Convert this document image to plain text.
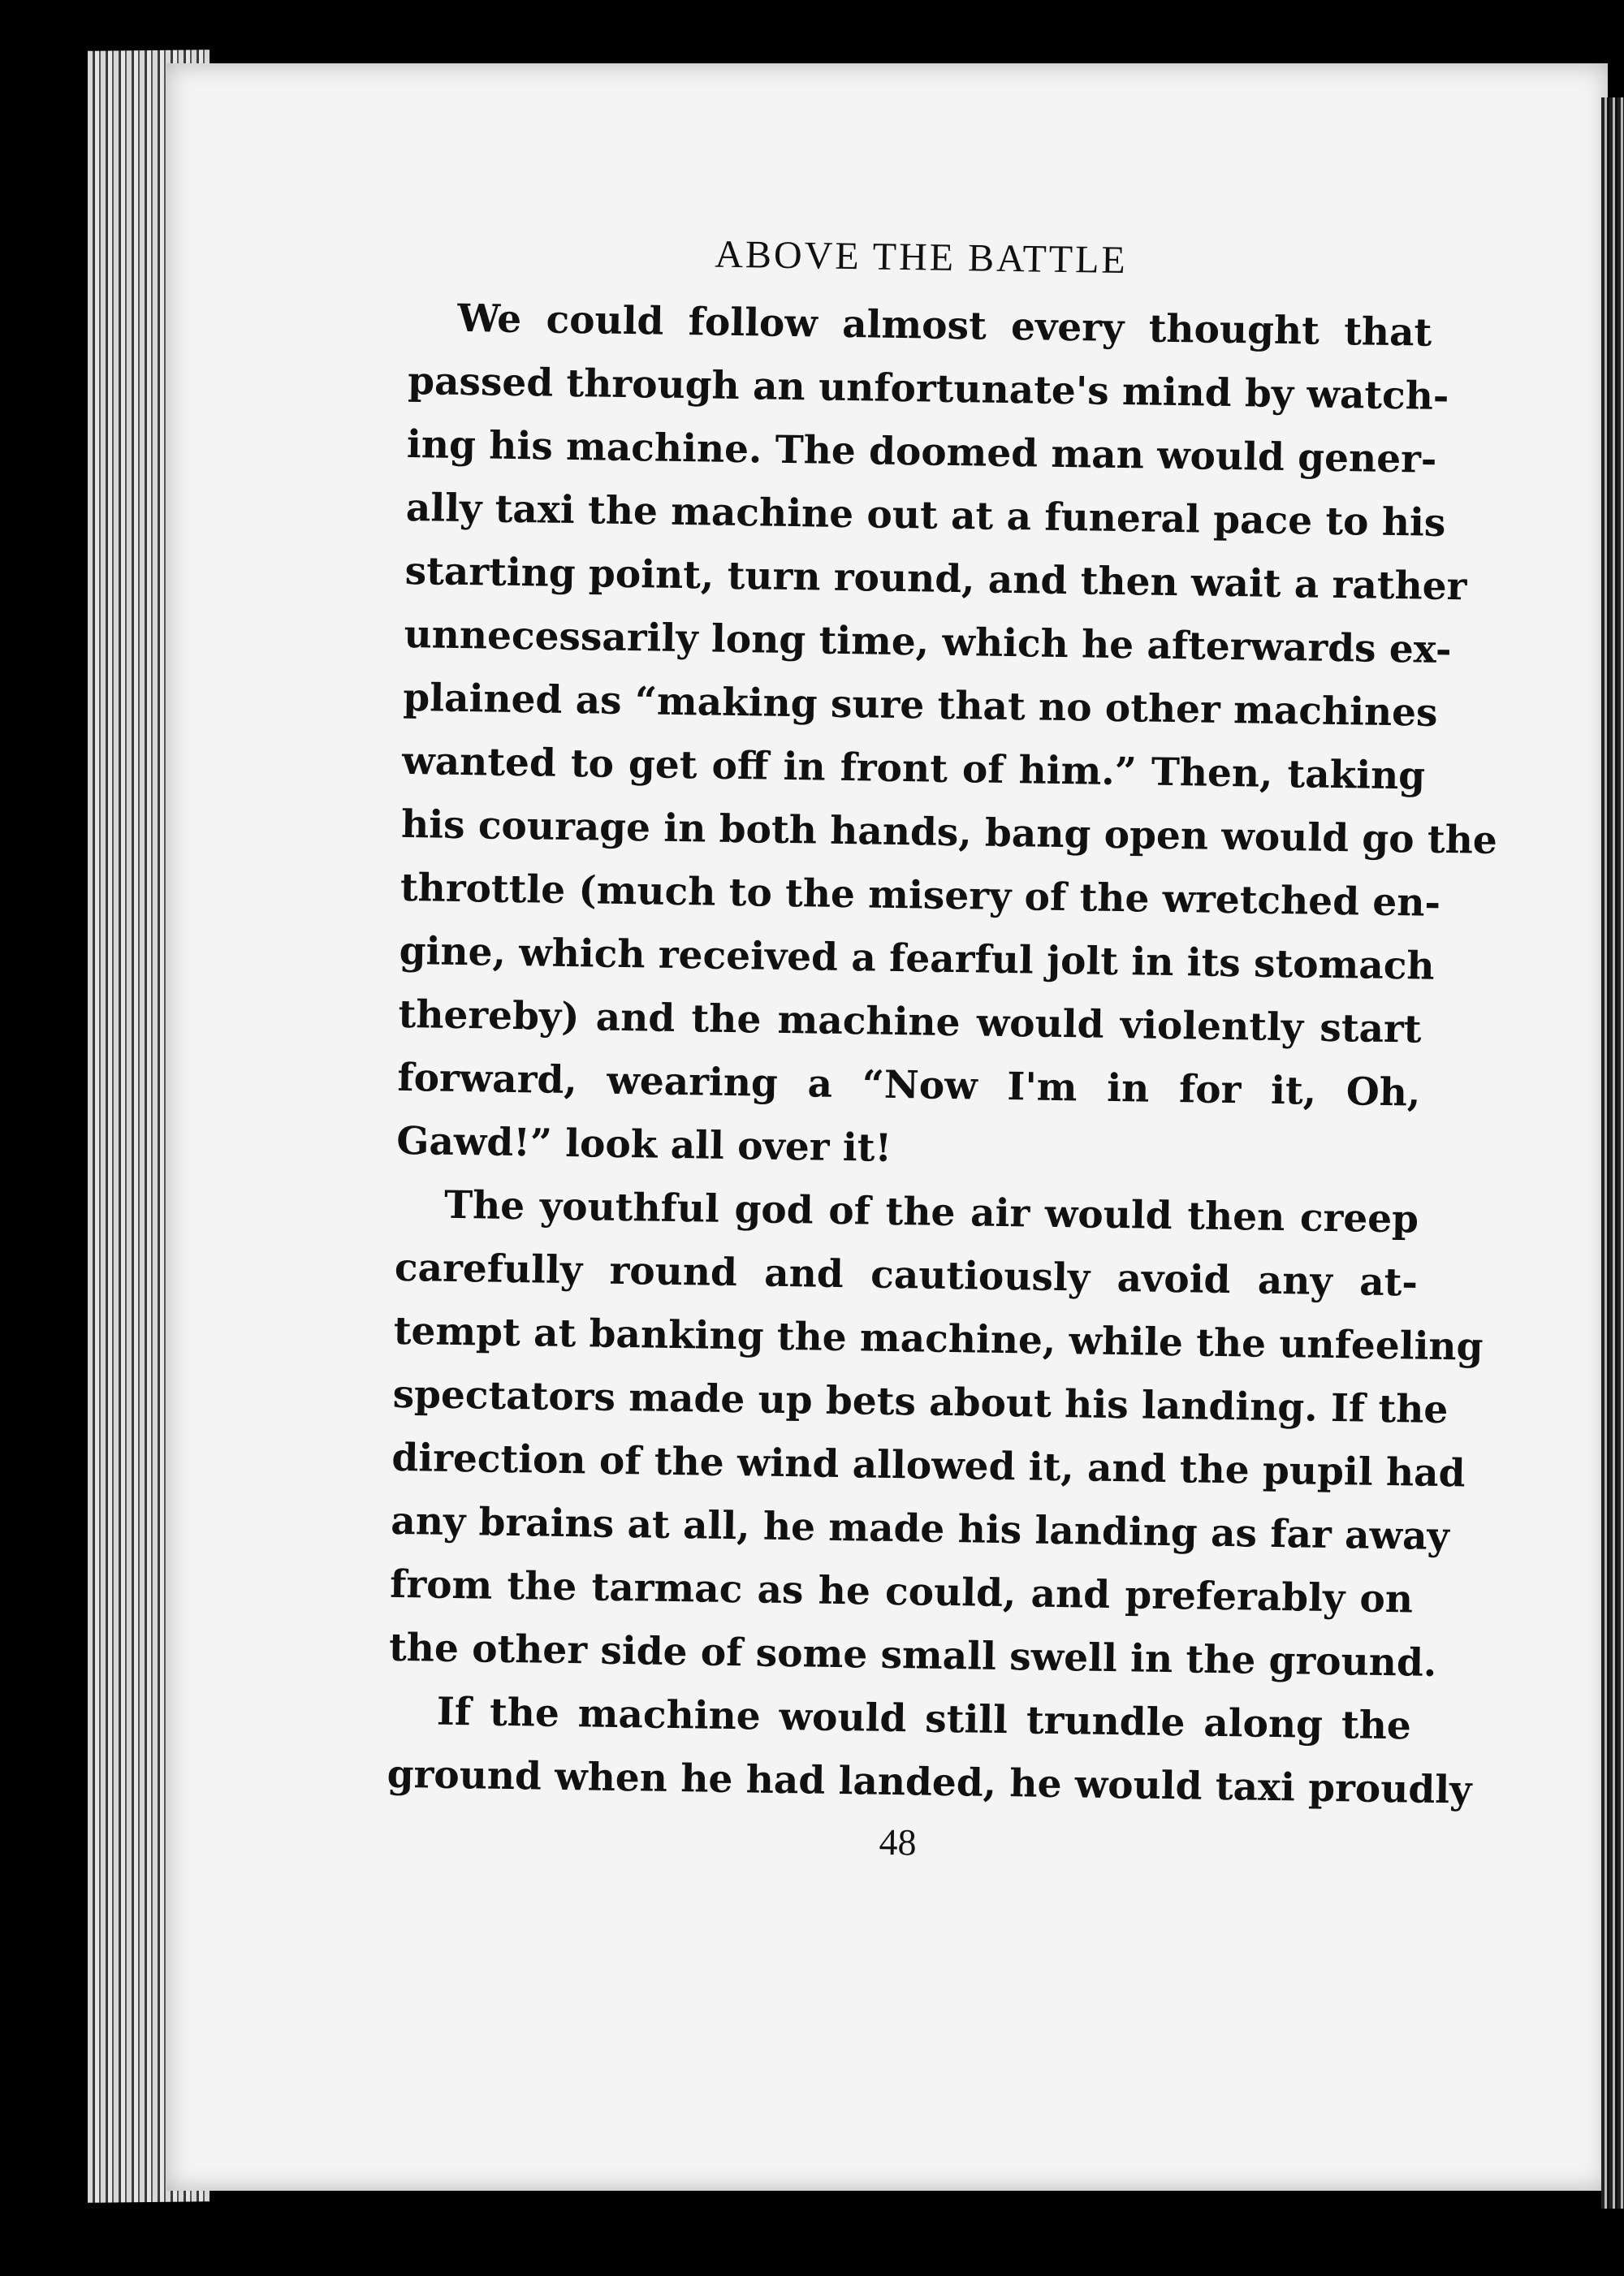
ABOVE THE BATTLE
We could follow almost every thought that
passed through an unfortunate's mind by watch-
ing his machine. The doomed man would gener-
ally taxi the machine out at a funeral pace to his
starting point, turn round, and then wait a rather
unnecessarily long time, which he afterwards ex-
plained as “making sure that no other machines
wanted to get off in front of him.” Then, taking
his courage in both hands, bang open would go the
throttle (much to the misery of the wretched en-
gine, which received a fearful jolt in its stomach
thereby) and the machine would violently start
forward, wearing a “Now I'm in for it, Oh,
Gawd!” look all over it!
The youthful god of the air would then creep
carefully round and cautiously avoid any at-
tempt at banking the machine, while the unfeeling
spectators made up bets about his landing. If the
direction of the wind allowed it, and the pupil had
any brains at all, he made his landing as far away
from the tarmac as he could, and preferably on
the other side of some small swell in the ground.
If the machine would still trundle along the
ground when he had landed, he would taxi proudly
48
